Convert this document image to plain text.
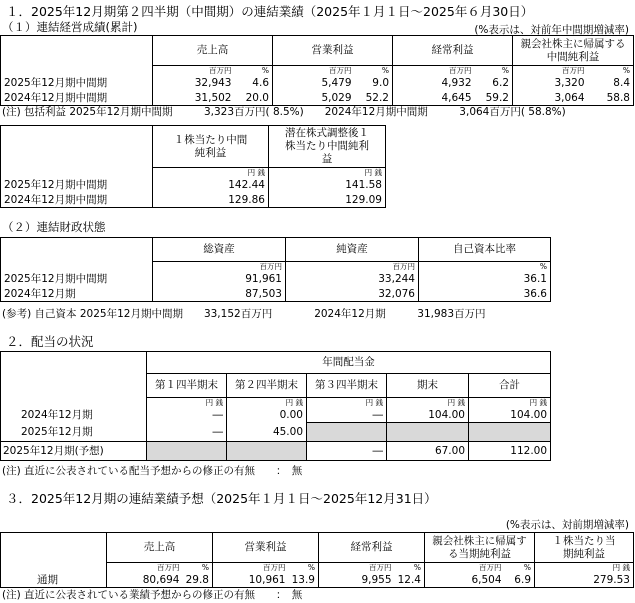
１．2025年12月期第２四半期（中間期）の連結業績（2025年１月１日～2025年６月30日）
（１）連結経営成績(累計)	(%表示は、対前年中間期増減率)
	売上高		営業利益		経常利益		親会社株主に帰属する中間純利益	
	百万円	%	百万円	%	百万円	%	百万円	%
2025年12月期中間期	32,943	4.6	5,479	9.0	4,932	6.2	3,320	8.4
2024年12月期中間期	31,502	20.0	5,029	52.2	4,645	59.2	3,064	58.8
(注) 包括利益 2025年12月期中間期　　　3,323百万円( 8.5%)　　2024年12月期中間期　　　3,064百万円( 58.8%)
	１株当たり中間純利益	潜在株式調整後１株当たり中間純利益
	円 銭	円 銭
2025年12月期中間期	142.44	141.58
2024年12月期中間期	129.86	129.09
（２）連結財政状態
	総資産	純資産	自己資本比率
	百万円	百万円	%
2025年12月期中間期	91,961	33,244	36.1
2024年12月期	87,503	32,076	36.6
(参考) 自己資本 2025年12月期中間期　　33,152百万円　　　　2024年12月期　　　31,983百万円
２．配当の状況
	年間配当金				
	第１四半期末	第２四半期末	第３四半期末	期末	合計
	円 銭	円 銭	円 銭	円 銭	円 銭
2024年12月期	―	0.00	―	104.00	104.00
2025年12月期	―	45.00			
2025年12月期(予想)			―	67.00	112.00
(注) 直近に公表されている配当予想からの修正の有無　　：　無
３．2025年12月期の連結業績予想（2025年１月１日～2025年12月31日）
(%表示は、対前期増減率)
	売上高		営業利益		経常利益		親会社株主に帰属する当期純利益		１株当たり当期純利益
	百万円	%	百万円	%	百万円	%	百万円	%	円 銭
通期	80,694	29.8	10,961	13.9	9,955	12.4	6,504	6.9	279.53
(注) 直近に公表されている業績予想からの修正の有無　　：　無
